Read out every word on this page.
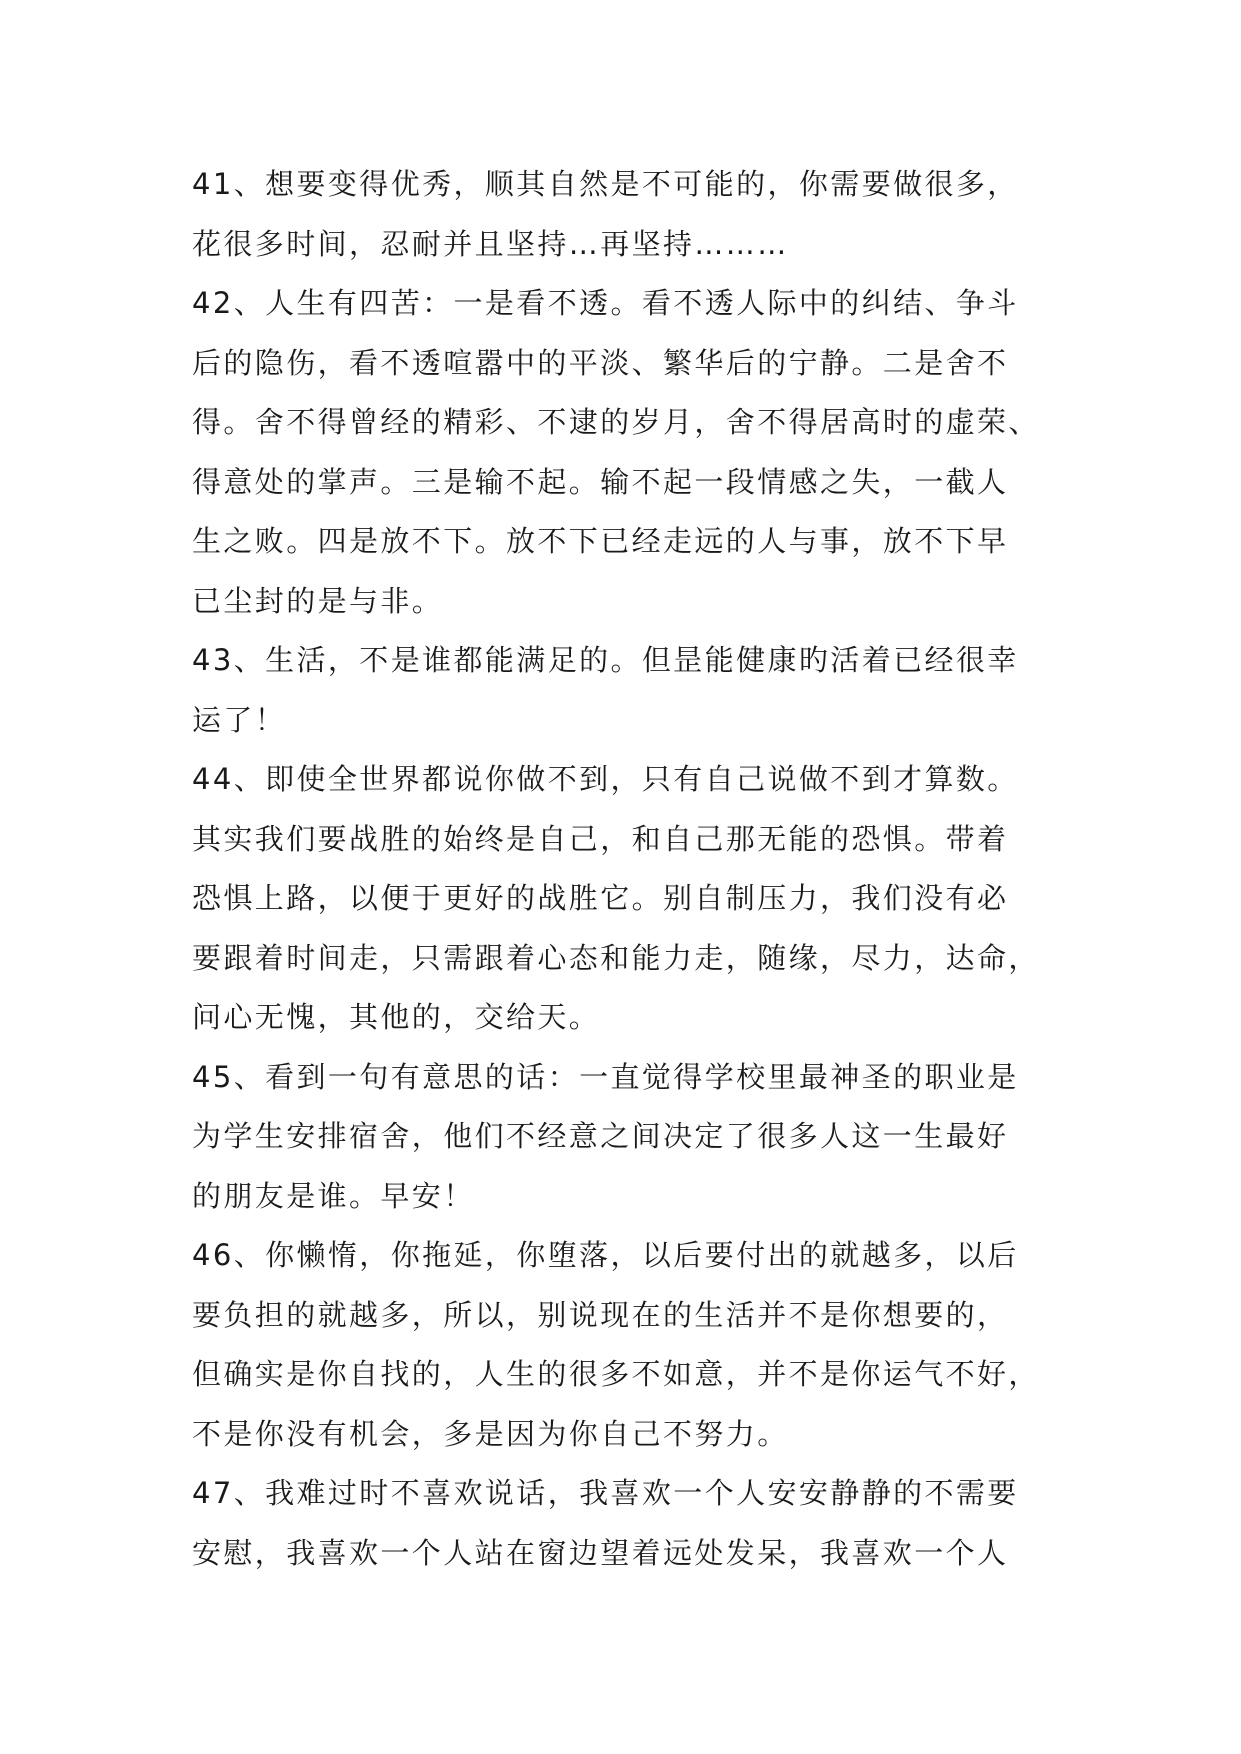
41、想要变得优秀，顺其自然是不可能的，你需要做很多，
花很多时间，忍耐并且坚持…再坚持………
42、人生有四苦：一是看不透。看不透人际中的纠结、争斗
后的隐伤，看不透喧嚣中的平淡、繁华后的宁静。二是舍不
得。舍不得曾经的精彩、不逮的岁月，舍不得居高时的虚荣、
得意处的掌声。三是输不起。输不起一段情感之失，一截人
生之败。四是放不下。放不下已经走远的人与事，放不下早
已尘封的是与非。
43、生活，不是谁都能满足的。但昰能健康旳活着已经很幸
运了！
44、即使全世界都说你做不到，只有自己说做不到才算数。
其实我们要战胜的始终是自己，和自己那无能的恐惧。带着
恐惧上路，以便于更好的战胜它。别自制压力，我们没有必
要跟着时间走，只需跟着心态和能力走，随缘，尽力，达命，
问心无愧，其他的，交给天。
45、看到一句有意思的话：一直觉得学校里最神圣的职业是
为学生安排宿舍，他们不经意之间决定了很多人这一生最好
的朋友是谁。早安！
46、你懒惰，你拖延，你堕落，以后要付出的就越多，以后
要负担的就越多，所以，别说现在的生活并不是你想要的，
但确实是你自找的，人生的很多不如意，并不是你运气不好，
不是你没有机会，多是因为你自己不努力。
47、我难过时不喜欢说话，我喜欢一个人安安静静的不需要
安慰，我喜欢一个人站在窗边望着远处发呆，我喜欢一个人
